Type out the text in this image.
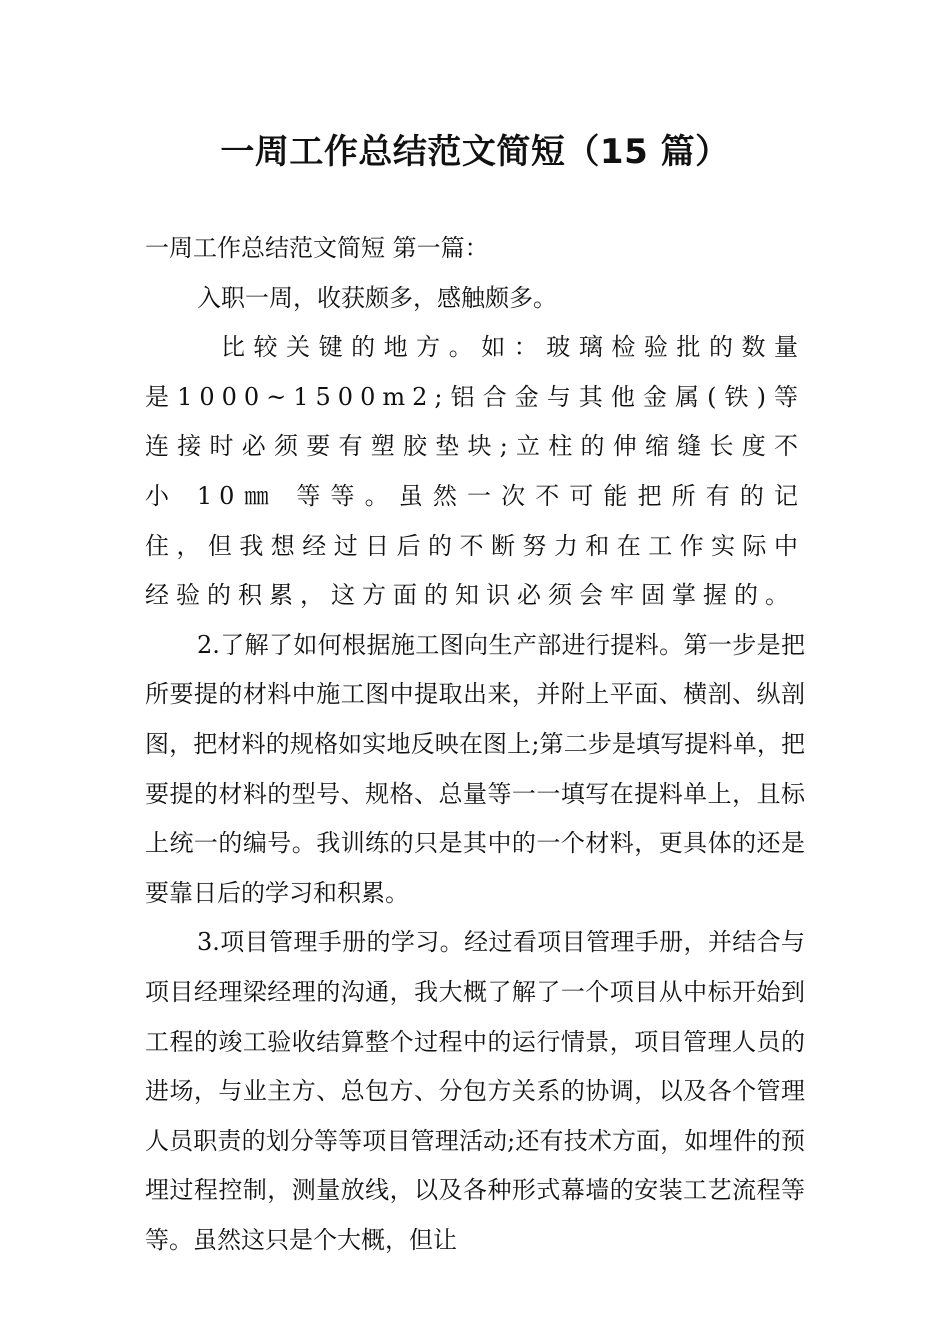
一周工作总结范文简短（15 篇）

一周工作总结范文简短 第一篇：

入职一周，收获颇多，感触颇多。

比较关键的地方。如：玻璃检验批的数量是1000~1500m2;铝合金与其他金属(铁)等连接时必须要有塑胶垫块;立柱的伸缩缝长度不小 10㎜ 等等。虽然一次不可能把所有的记住，但我想经过日后的不断努力和在工作实际中经验的积累，这方面的知识必须会牢固掌握的。

2.了解了如何根据施工图向生产部进行提料。第一步是把所要提的材料中施工图中提取出来，并附上平面、横剖、纵剖图，把材料的规格如实地反映在图上;第二步是填写提料单，把要提的材料的型号、规格、总量等一一填写在提料单上，且标上统一的编号。我训练的只是其中的一个材料，更具体的还是要靠日后的学习和积累。

3.项目管理手册的学习。经过看项目管理手册，并结合与项目经理梁经理的沟通，我大概了解了一个项目从中标开始到工程的竣工验收结算整个过程中的运行情景，项目管理人员的进场，与业主方、总包方、分包方关系的协调，以及各个管理人员职责的划分等等项目管理活动;还有技术方面，如埋件的预埋过程控制，测量放线，以及各种形式幕墙的安装工艺流程等等。虽然这只是个大概，但让
